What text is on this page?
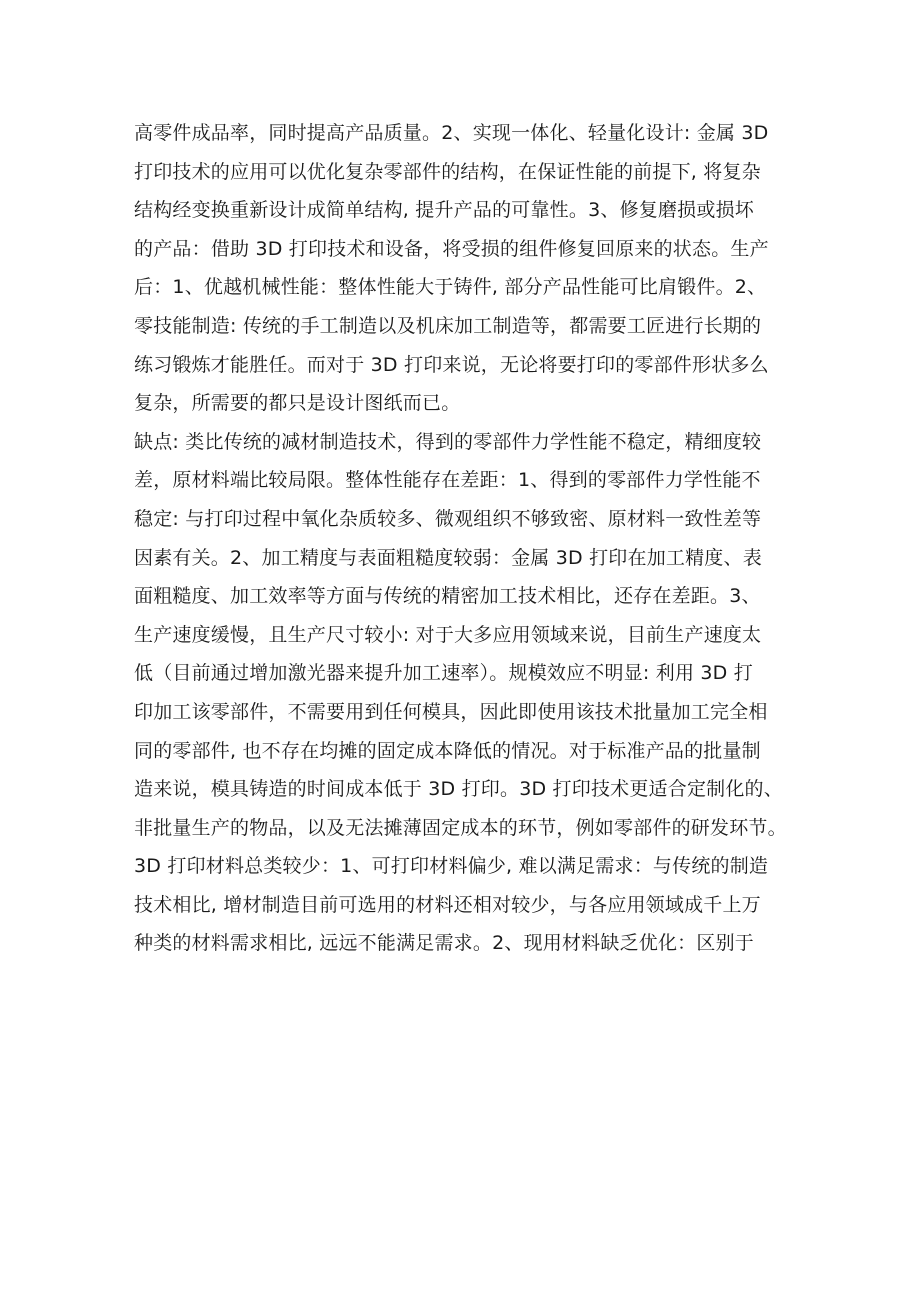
高零件成品率，同时提高产品质量。2、实现一体化、轻量化设计: 金属 3D
打印技术的应用可以优化复杂零部件的结构，在保证性能的前提下, 将复杂
结构经变换重新设计成简单结构, 提升产品的可靠性。3、修复磨损或损坏
的产品：借助 3D 打印技术和设备，将受损的组件修复回原来的状态。生产
后：1、优越机械性能：整体性能大于铸件, 部分产品性能可比肩锻件。2、
零技能制造: 传统的手工制造以及机床加工制造等，都需要工匠进行长期的
练习锻炼才能胜任。而对于 3D 打印来说，无论将要打印的零部件形状多么
复杂，所需要的都只是设计图纸而已。
缺点: 类比传统的减材制造技术，得到的零部件力学性能不稳定，精细度较
差，原材料端比较局限。整体性能存在差距：1、得到的零部件力学性能不
稳定: 与打印过程中氧化杂质较多、微观组织不够致密、原材料一致性差等
因素有关。2、加工精度与表面粗糙度较弱：金属 3D 打印在加工精度、表
面粗糙度、加工效率等方面与传统的精密加工技术相比，还存在差距。3、
生产速度缓慢，且生产尺寸较小: 对于大多应用领域来说，目前生产速度太
低（目前通过增加激光器来提升加工速率）。规模效应不明显: 利用 3D 打
印加工该零部件，不需要用到任何模具，因此即使用该技术批量加工完全相
同的零部件, 也不存在均摊的固定成本降低的情况。对于标准产品的批量制
造来说，模具铸造的时间成本低于 3D 打印。3D 打印技术更适合定制化的、
非批量生产的物品，以及无法摊薄固定成本的环节，例如零部件的研发环节。
3D 打印材料总类较少：1、可打印材料偏少, 难以满足需求：与传统的制造
技术相比, 增材制造目前可选用的材料还相对较少，与各应用领域成千上万
种类的材料需求相比, 远远不能满足需求。2、现用材料缺乏优化：区别于
